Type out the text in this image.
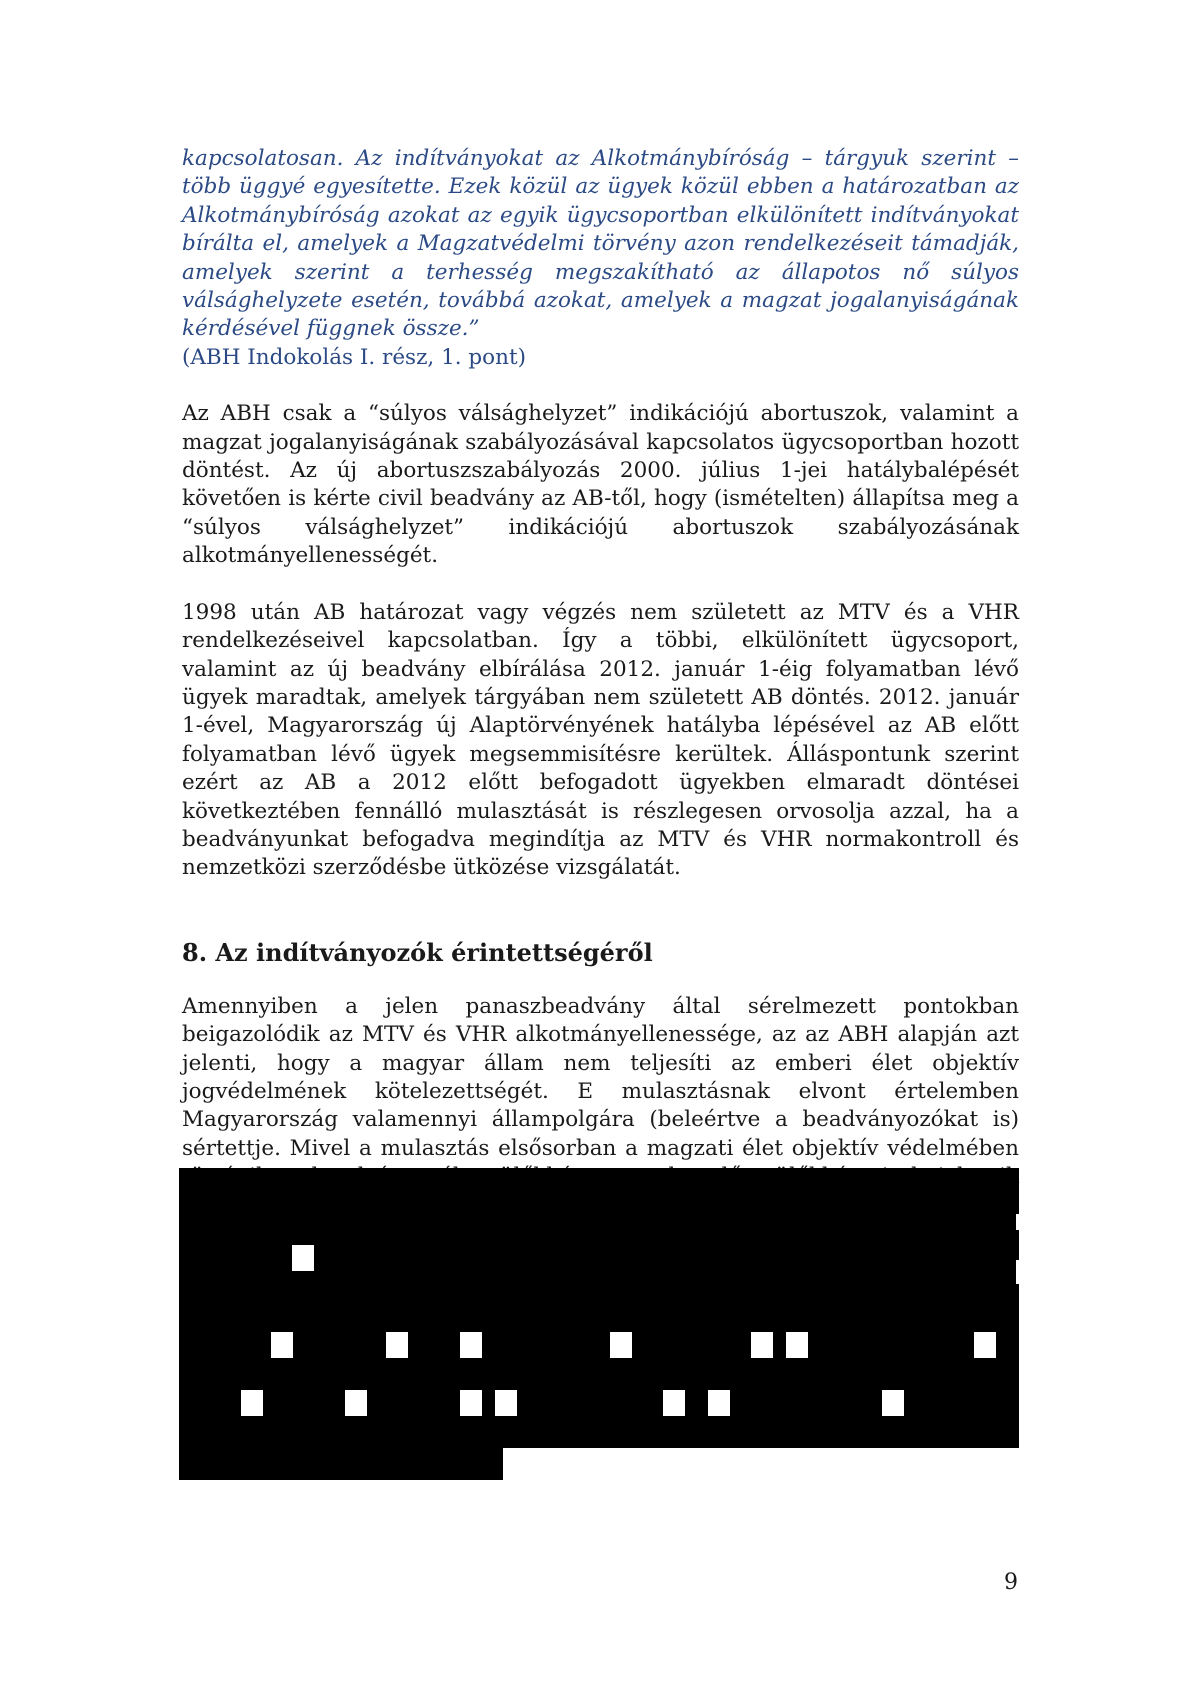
kapcsolatosan. Az indítványokat az Alkotmánybíróság – tárgyuk szerint – több üggyé egyesítette. Ezek közül az ügyek közül ebben a határozatban az Alkotmánybíróság azokat az egyik ügycsoportban elkülönített indítványokat bírálta el, amelyek a Magzatvédelmi törvény azon rendelkezéseit támadják, amelyek szerint a terhesség megszakítható az állapotos nő súlyos válsághelyzete esetén, továbbá azokat, amelyek a magzat jogalanyiságának kérdésével függnek össze.”

(ABH Indokolás I. rész, 1. pont)

Az ABH csak a “súlyos válsághelyzet” indikációjú abortuszok, valamint a magzat jogalanyiságának szabályozásával kapcsolatos ügycsoportban hozott döntést. Az új abortuszszabályozás 2000. július 1-jei hatálybalépését követően is kérte civil beadvány az AB-től, hogy (ismételten) állapítsa meg a “súlyos válsághelyzet” indikációjú abortuszok szabályozásának alkotmányellenességét.

1998 után AB határozat vagy végzés nem született az MTV és a VHR rendelkezéseivel kapcsolatban. Így a többi, elkülönített ügycsoport, valamint az új beadvány elbírálása 2012. január 1-éig folyamatban lévő ügyek maradtak, amelyek tárgyában nem született AB döntés. 2012. január 1-ével, Magyarország új Alaptörvényének hatályba lépésével az AB előtt folyamatban lévő ügyek megsemmisítésre kerültek. Álláspontunk szerint ezért az AB a 2012 előtt befogadott ügyekben elmaradt döntései következtében fennálló mulasztását is részlegesen orvosolja azzal, ha a beadványunkat befogadva megindítja az MTV és VHR normakontroll és nemzetközi szerződésbe ütközése vizsgálatát.

8. Az indítványozók érintettségéről

Amennyiben a jelen panaszbeadvány által sérelmezett pontokban beigazolódik az MTV és VHR alkotmányellenessége, az az ABH alapján azt jelenti, hogy a magyar állam nem teljesíti az emberi élet objektív jogvédelmének kötelezettségét. E mulasztásnak elvont értelemben Magyarország valamennyi állampolgára (beleértve a beadványozókat is) sértettje. Mivel a mulasztás elsősorban a magzati élet objektív védelmében

9
